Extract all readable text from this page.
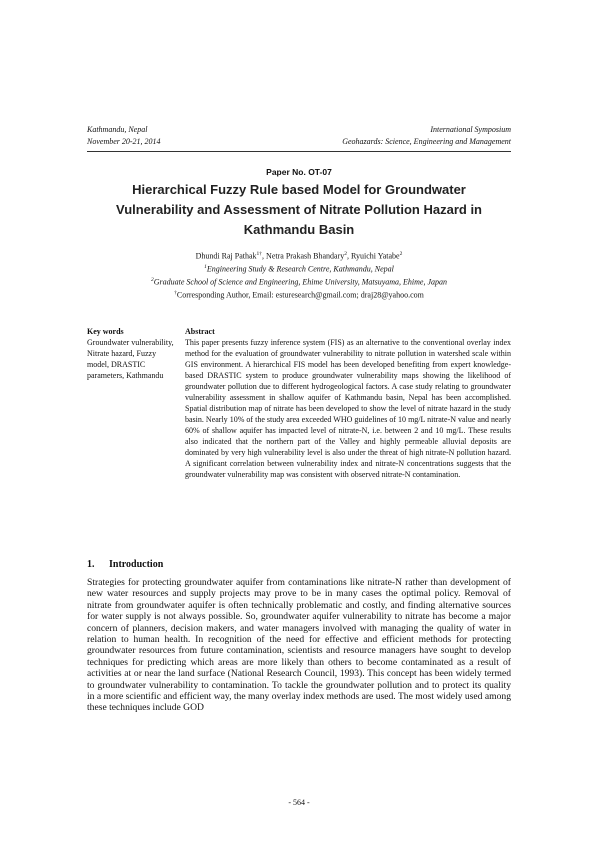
Kathmandu, Nepal
November 20-21, 2014
International Symposium
Geohazards: Science, Engineering and Management
Paper No. OT-07
Hierarchical Fuzzy Rule based Model for Groundwater Vulnerability and Assessment of Nitrate Pollution Hazard in Kathmandu Basin
Dhundi Raj Pathak$^{1\dagger}$, Netra Prakash Bhandary$^2$, Ryuichi Yatabe$^2$
$^1$Engineering Study & Research Centre, Kathmandu, Nepal
$^2$Graduate School of Science and Engineering, Ehime University, Matsuyama, Ehime, Japan
†Corresponding Author, Email: esturesearch@gmail.com; draj28@yahoo.com
Key words
Groundwater vulnerability, Nitrate hazard, Fuzzy model, DRASTIC parameters, Kathmandu
Abstract
This paper presents fuzzy inference system (FIS) as an alternative to the conventional overlay index method for the evaluation of groundwater vulnerability to nitrate pollution in watershed scale within GIS environment. A hierarchical FIS model has been developed benefiting from expert knowledge-based DRASTIC system to produce groundwater vulnerability maps showing the likelihood of groundwater pollution due to different hydrogeological factors. A case study relating to groundwater vulnerability assessment in shallow aquifer of Kathmandu basin, Nepal has been accomplished. Spatial distribution map of nitrate has been developed to show the level of nitrate hazard in the study basin. Nearly 10% of the study area exceeded WHO guidelines of 10 mg/L nitrate-N value and nearly 60% of shallow aquifer has impacted level of nitrate-N, i.e. between 2 and 10 mg/L. These results also indicated that the northern part of the Valley and highly permeable alluvial deposits are dominated by very high vulnerability level is also under the threat of high nitrate-N pollution hazard. A significant correlation between vulnerability index and nitrate-N concentrations suggests that the groundwater vulnerability map was consistent with observed nitrate-N contamination.
1. Introduction
Strategies for protecting groundwater aquifer from contaminations like nitrate-N rather than development of new water resources and supply projects may prove to be in many cases the optimal policy. Removal of nitrate from groundwater aquifer is often technically problematic and costly, and finding alternative sources for water supply is not always possible. So, groundwater aquifer vulnerability to nitrate has become a major concern of planners, decision makers, and water managers involved with managing the quality of water in relation to human health. In recognition of the need for effective and efficient methods for protecting groundwater resources from future contamination, scientists and resource managers have sought to develop techniques for predicting which areas are more likely than others to become contaminated as a result of activities at or near the land surface (National Research Council, 1993). This concept has been widely termed to groundwater vulnerability to contamination. To tackle the groundwater pollution and to protect its quality in a more scientific and efficient way, the many overlay index methods are used. The most widely used among these techniques include GOD
- 564 -
